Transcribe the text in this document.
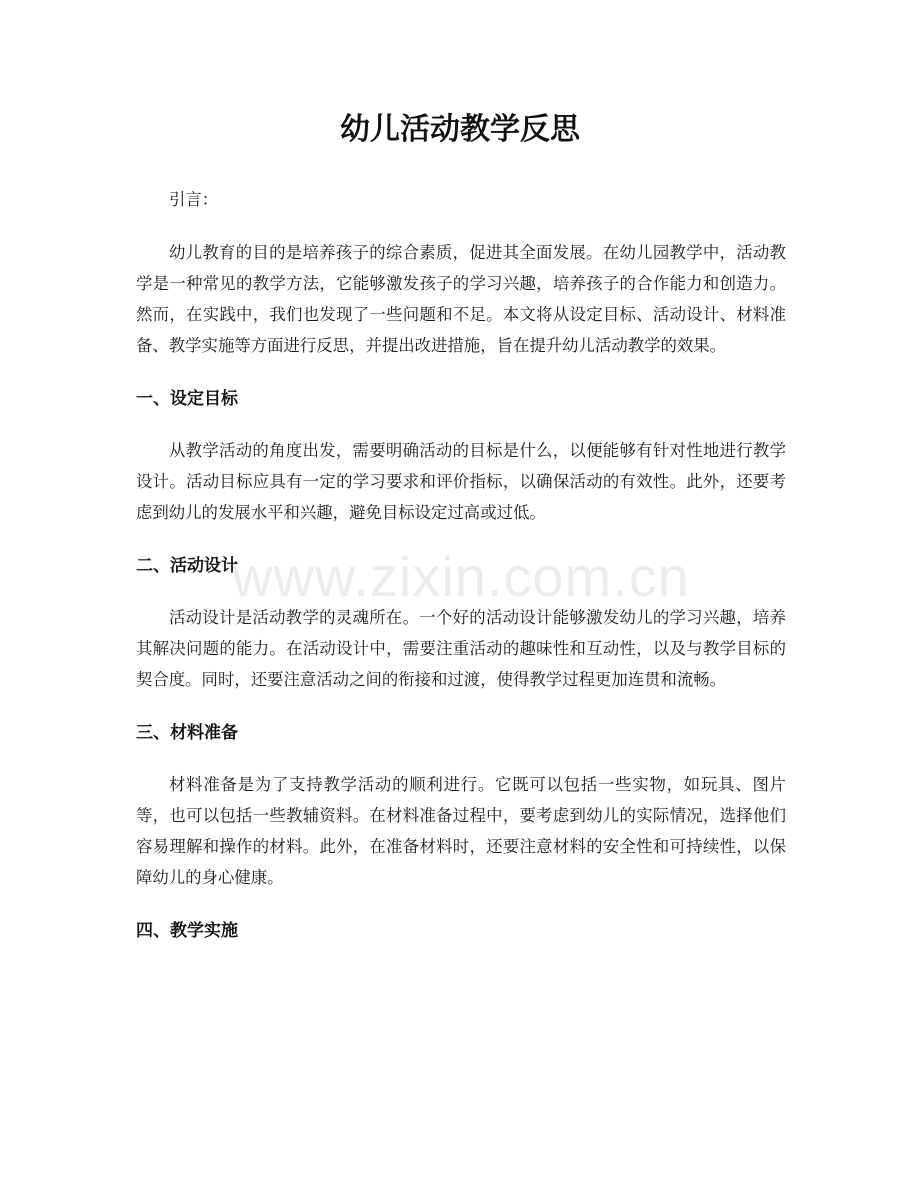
www.zixin.com.cn
幼儿活动教学反思

引言：

幼儿教育的目的是培养孩子的综合素质，促进其全面发展。在幼儿园教学中，活动教学是一种常见的教学方法，它能够激发孩子的学习兴趣，培养孩子的合作能力和创造力。然而，在实践中，我们也发现了一些问题和不足。本文将从设定目标、活动设计、材料准备、教学实施等方面进行反思，并提出改进措施，旨在提升幼儿活动教学的效果。

一、设定目标

从教学活动的角度出发，需要明确活动的目标是什么，以便能够有针对性地进行教学设计。活动目标应具有一定的学习要求和评价指标，以确保活动的有效性。此外，还要考虑到幼儿的发展水平和兴趣，避免目标设定过高或过低。

二、活动设计

活动设计是活动教学的灵魂所在。一个好的活动设计能够激发幼儿的学习兴趣，培养其解决问题的能力。在活动设计中，需要注重活动的趣味性和互动性，以及与教学目标的契合度。同时，还要注意活动之间的衔接和过渡，使得教学过程更加连贯和流畅。

三、材料准备

材料准备是为了支持教学活动的顺利进行。它既可以包括一些实物，如玩具、图片等，也可以包括一些教辅资料。在材料准备过程中，要考虑到幼儿的实际情况，选择他们容易理解和操作的材料。此外，在准备材料时，还要注意材料的安全性和可持续性，以保障幼儿的身心健康。

四、教学实施
